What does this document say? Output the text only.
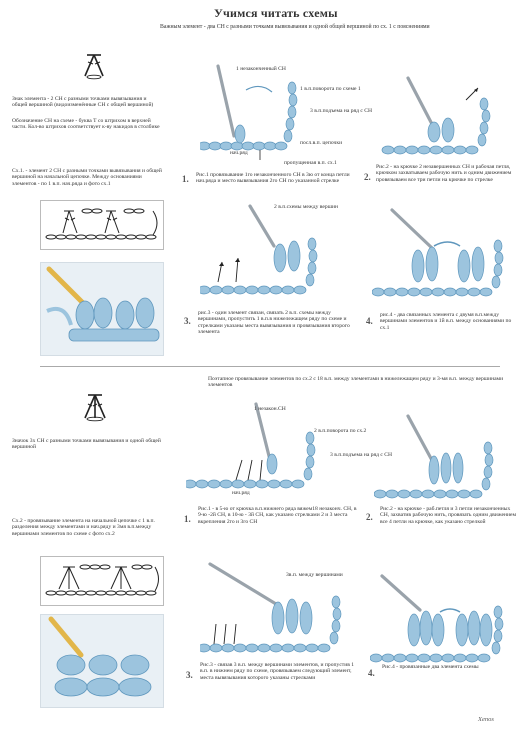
Учимся читать схемы
Важным элемент - два СН с разными точками вывязывания и одной общей вершиной по сх. 1 с пояснениями
Знак элемента - 2 СН с разными точками вывязывания и общей вершиной (видоизменённые СН с общей вершиной)
Обозначение СН на схеме - буква Т со штрихом в верхней части. Кол-во штрихов соответствует к-ву накидов в столбике
Сх.1. - элемент 2 СН с разными точками вывязывания и общей вершиной на начальной цепочке. Между основаниями элементов - по 1 в.п. нач.ряда и фото сх.1
1 незаконченный СН
1 в.п.поворота по схеме 1
3 в.п.подъема на ряд с СН
посл.в.п. цепочки
нач.ряд
пропущенная в.п. сх.1
1. Рис.1 провязывание 1го незаконченного СН в 3ю от конца петли нач.ряда и место вывязывания 2го СН по указанной стрелке	2.
Рис.2 - на крючке 2 незавершенных СН и рабочая петля, крючком захватываем рабочую нить и одним движением провязываем все три петли на крючке по стрелке
2 в.п.схемы между вершин
3.
рис.3 - один элемент связан, связать 2 в.п. схемы между вершинами, пропустить 1 в.п.в нижележащем ряду по схеме и стрелками указаны места вывязывания и провязывания второго элемента
4.
рис.4 - два связанных элемента с двумя в.п.между вершинами элементов и 1й в.п. между основаниями по сх.1
Поэтапное провязывание элементов по сх.2 с 18 в.п. между элементами в нижележащем ряду и 3-мя в.п. между вершинами элементов
Значок 3х СН с разными точками вывязывания и одной общей вершиной
Сх.2 - провязывание элемента на начальной цепочке с 1 в.п. разделения между элементами и нач.ряду и 3мя в.п.между вершинами элементов по схеме с фото сх.2
1 незакон.СН
2 в.п.поворота по сх.2
3 в.п.подъема на ряд с СН
нач.ряд
1.
Рис.1 - в 5-ю от крючка в.п.нижнего ряда вяжем18 незаконч. СН, в 9-ю -2й СН, в 10-ю - 3й СН, как указано стрелками 2 и 3 места вкрепления 2го и 3го СН	2.
Рис.2 - на крючке - раб.петля и 3 петли незаконченных СН, захватив рабочую нить, провязать одним движением все 4 петли на крючке, как указано стрелкой
3в.п. между вершинами
3.
Рис.3 - связав 3 в.п. между вершинами элементов, и пропустив 1 в.п. в нижнем ряду по схеме, провязываем следующий элемент, места вывязывания которого указаны стрелками	4.
Рис.4 - провязанные два элемента схемы
Xenos
